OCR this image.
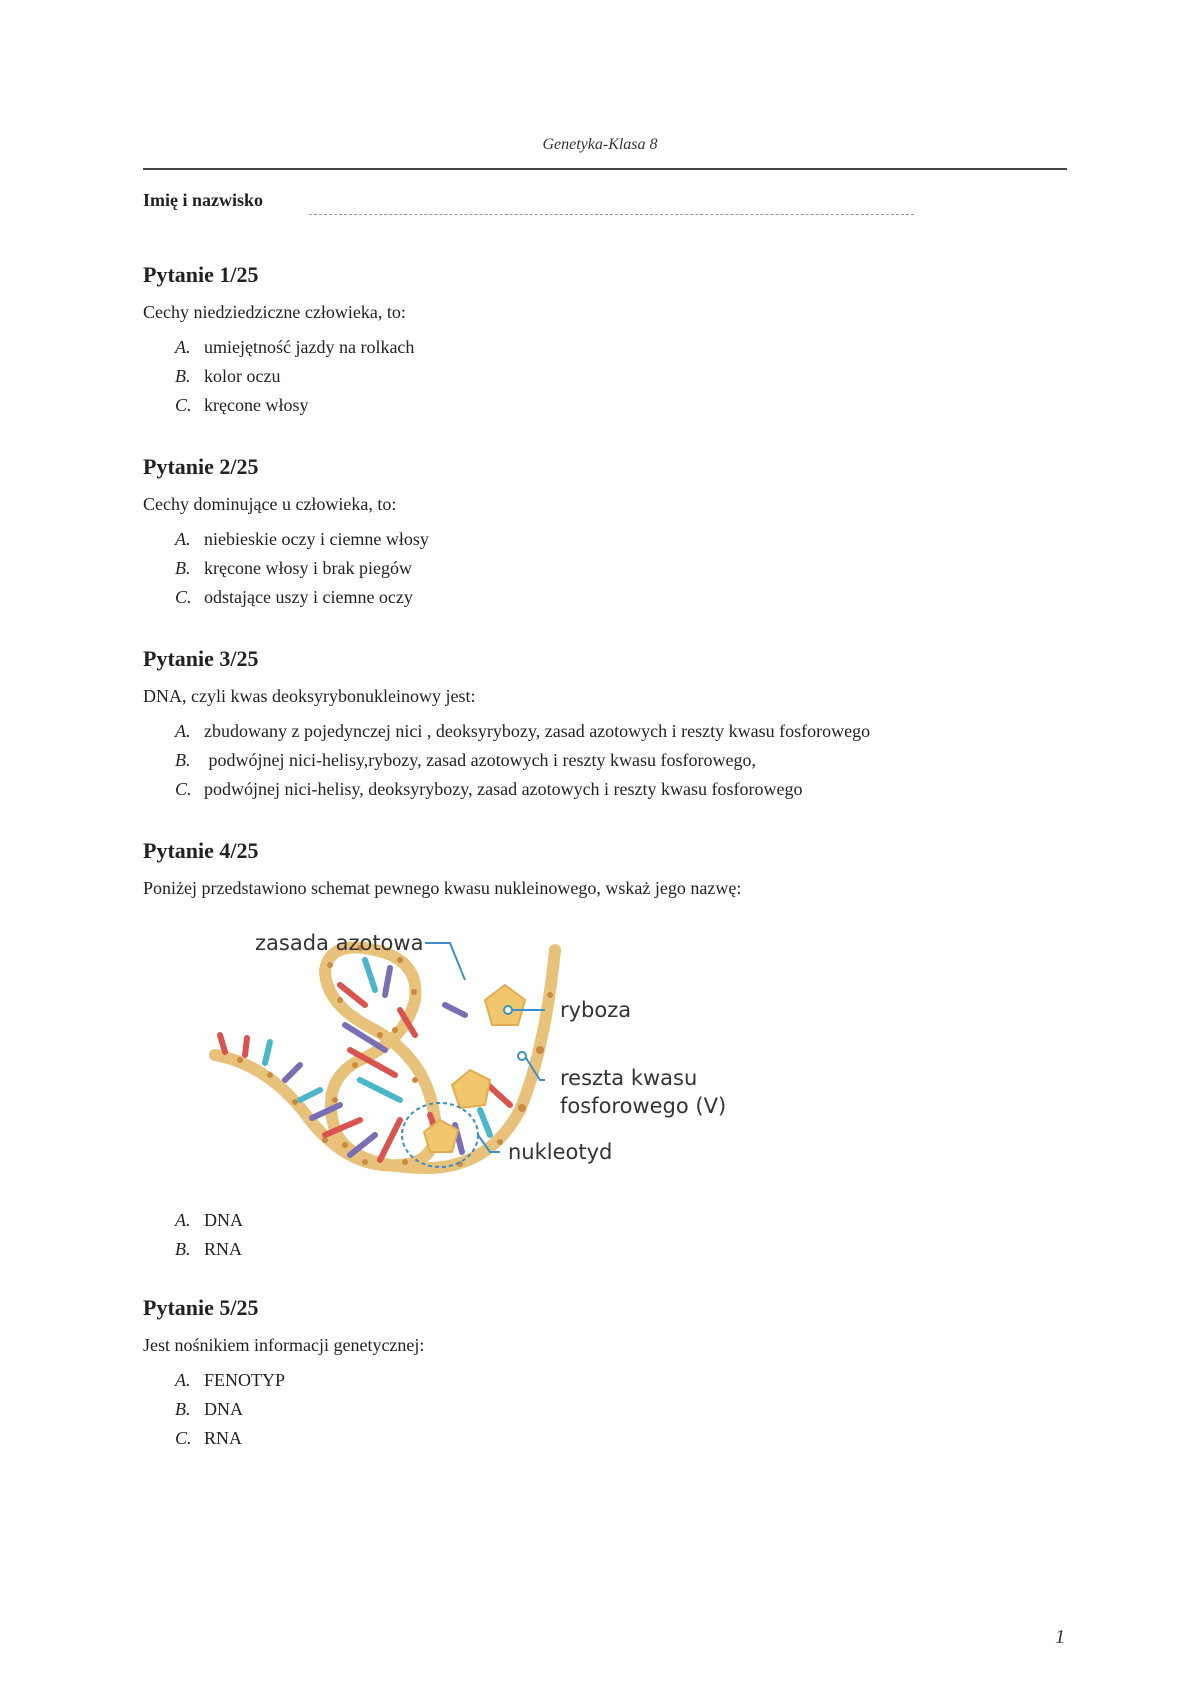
Genetyka-Klasa 8
Imię i nazwisko
Pytanie 1/25
Cechy niedziedziczne człowieka, to:
A. umiejętność jazdy na rolkach
B. kolor oczu
C. kręcone włosy
Pytanie 2/25
Cechy dominujące u człowieka, to:
A. niebieskie oczy i ciemne włosy
B. kręcone włosy i brak piegów
C. odstające uszy i ciemne oczy
Pytanie 3/25
DNA, czyli kwas deoksyrybonukleinowy jest:
A. zbudowany z pojedynczej nici , deoksyrybozy, zasad azotowych i reszty kwasu fosforowego
B. podwójnej nici-helisy,rybozy, zasad azotowych i reszty kwasu fosforowego,
C. podwójnej nici-helisy, deoksyrybozy, zasad azotowych i reszty kwasu fosforowego
Pytanie 4/25
Poniżej przedstawiono schemat pewnego kwasu nukleinowego, wskaż jego nazwę:
zasada azotowa
ryboza
reszta kwasu
fosforowego (V)
nukleotyd
A. DNA
B. RNA
Pytanie 5/25
Jest nośnikiem informacji genetycznej:
A. FENOTYP
B. DNA
C. RNA
1
